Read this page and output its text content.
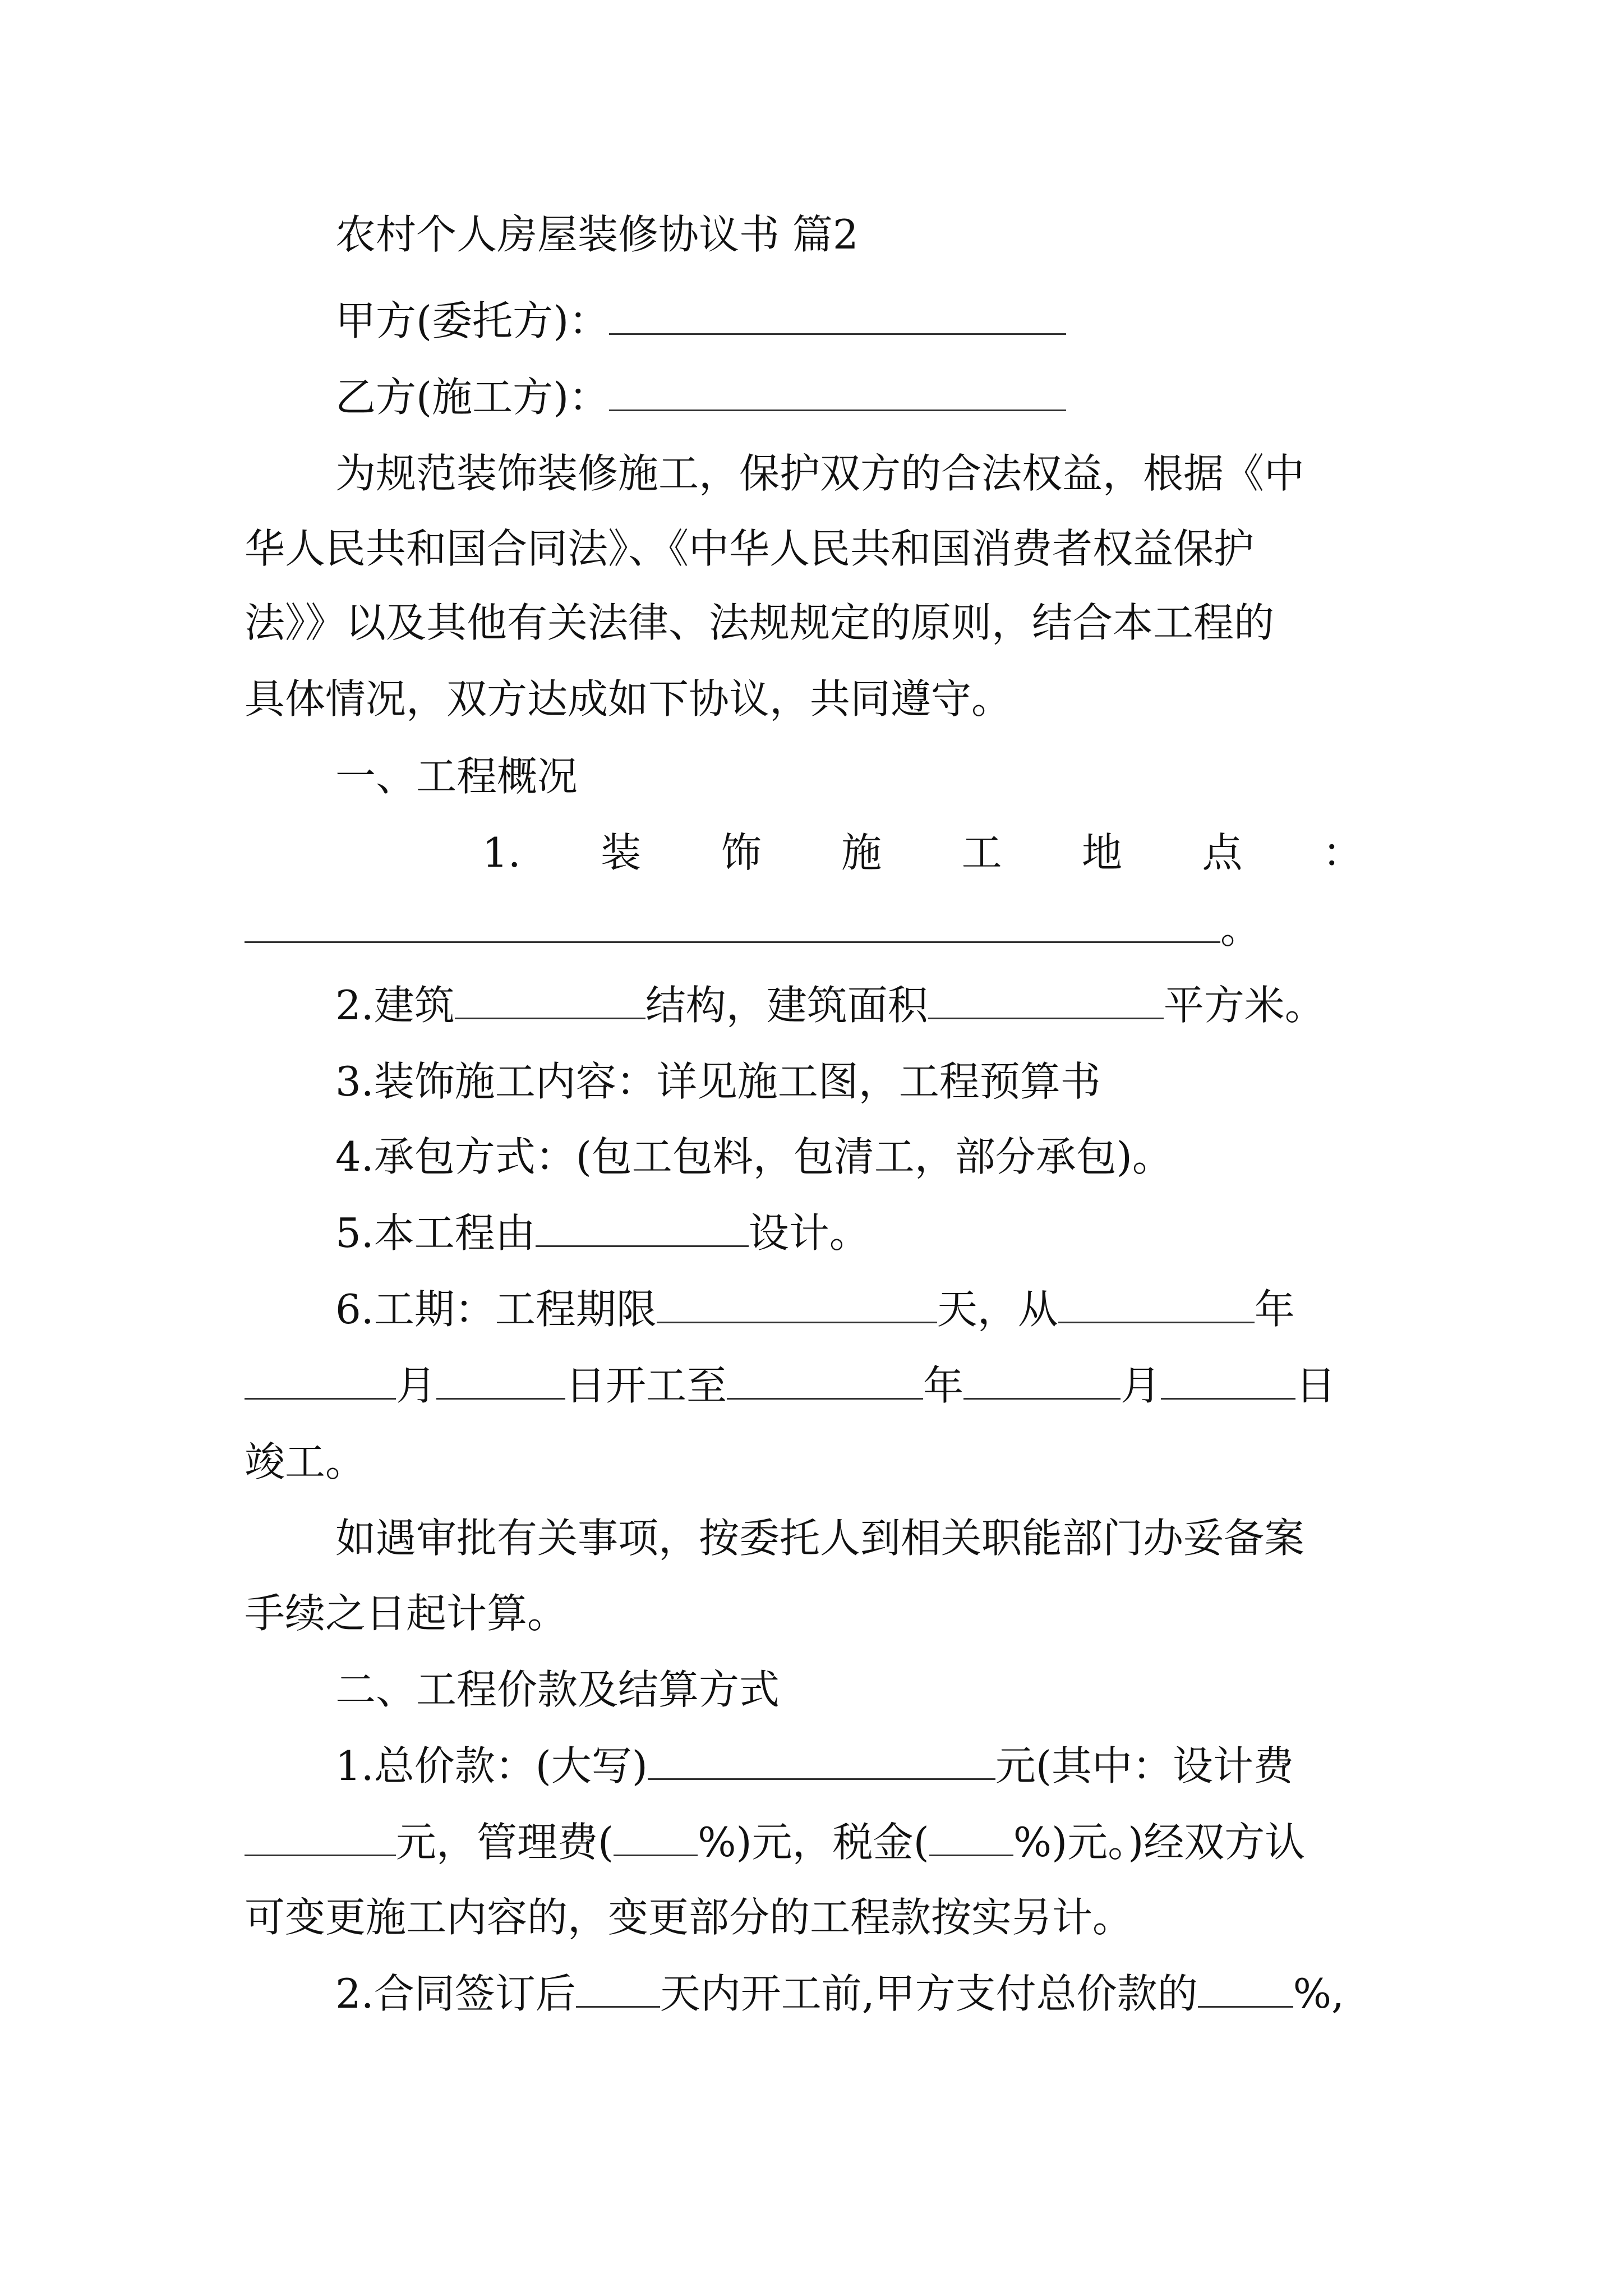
农村个人房屋装修协议书 篇2
甲方(委托方)：
乙方(施工方)：
为规范装饰装修施工，保护双方的合法权益，根据《中
华人民共和国合同法》、《中华人民共和国消费者权益保护
法》》以及其他有关法律、法规规定的原则，结合本工程的
具体情况，双方达成如下协议，共同遵守。
一、工程概况
1. 装 饰 施 工 地 点 ：
。
2.建筑	结构，建筑面积	平方米。
3.装饰施工内容：详见施工图，工程预算书
4.承包方式：(包工包料，包清工，部分承包)。
5.本工程由	设计。
6.工期：工程期限	天，从	年
月	日开工至	年	月	日
竣工。
如遇审批有关事项，按委托人到相关职能部门办妥备案
手续之日起计算。
二、工程价款及结算方式
1.总价款：(大写)	元(其中：设计费
元，管理费( %)元，税金( %)元。)经双方认
可变更施工内容的，变更部分的工程款按实另计。
2.合同签订后 天内开工前,甲方支付总价款的 %,
